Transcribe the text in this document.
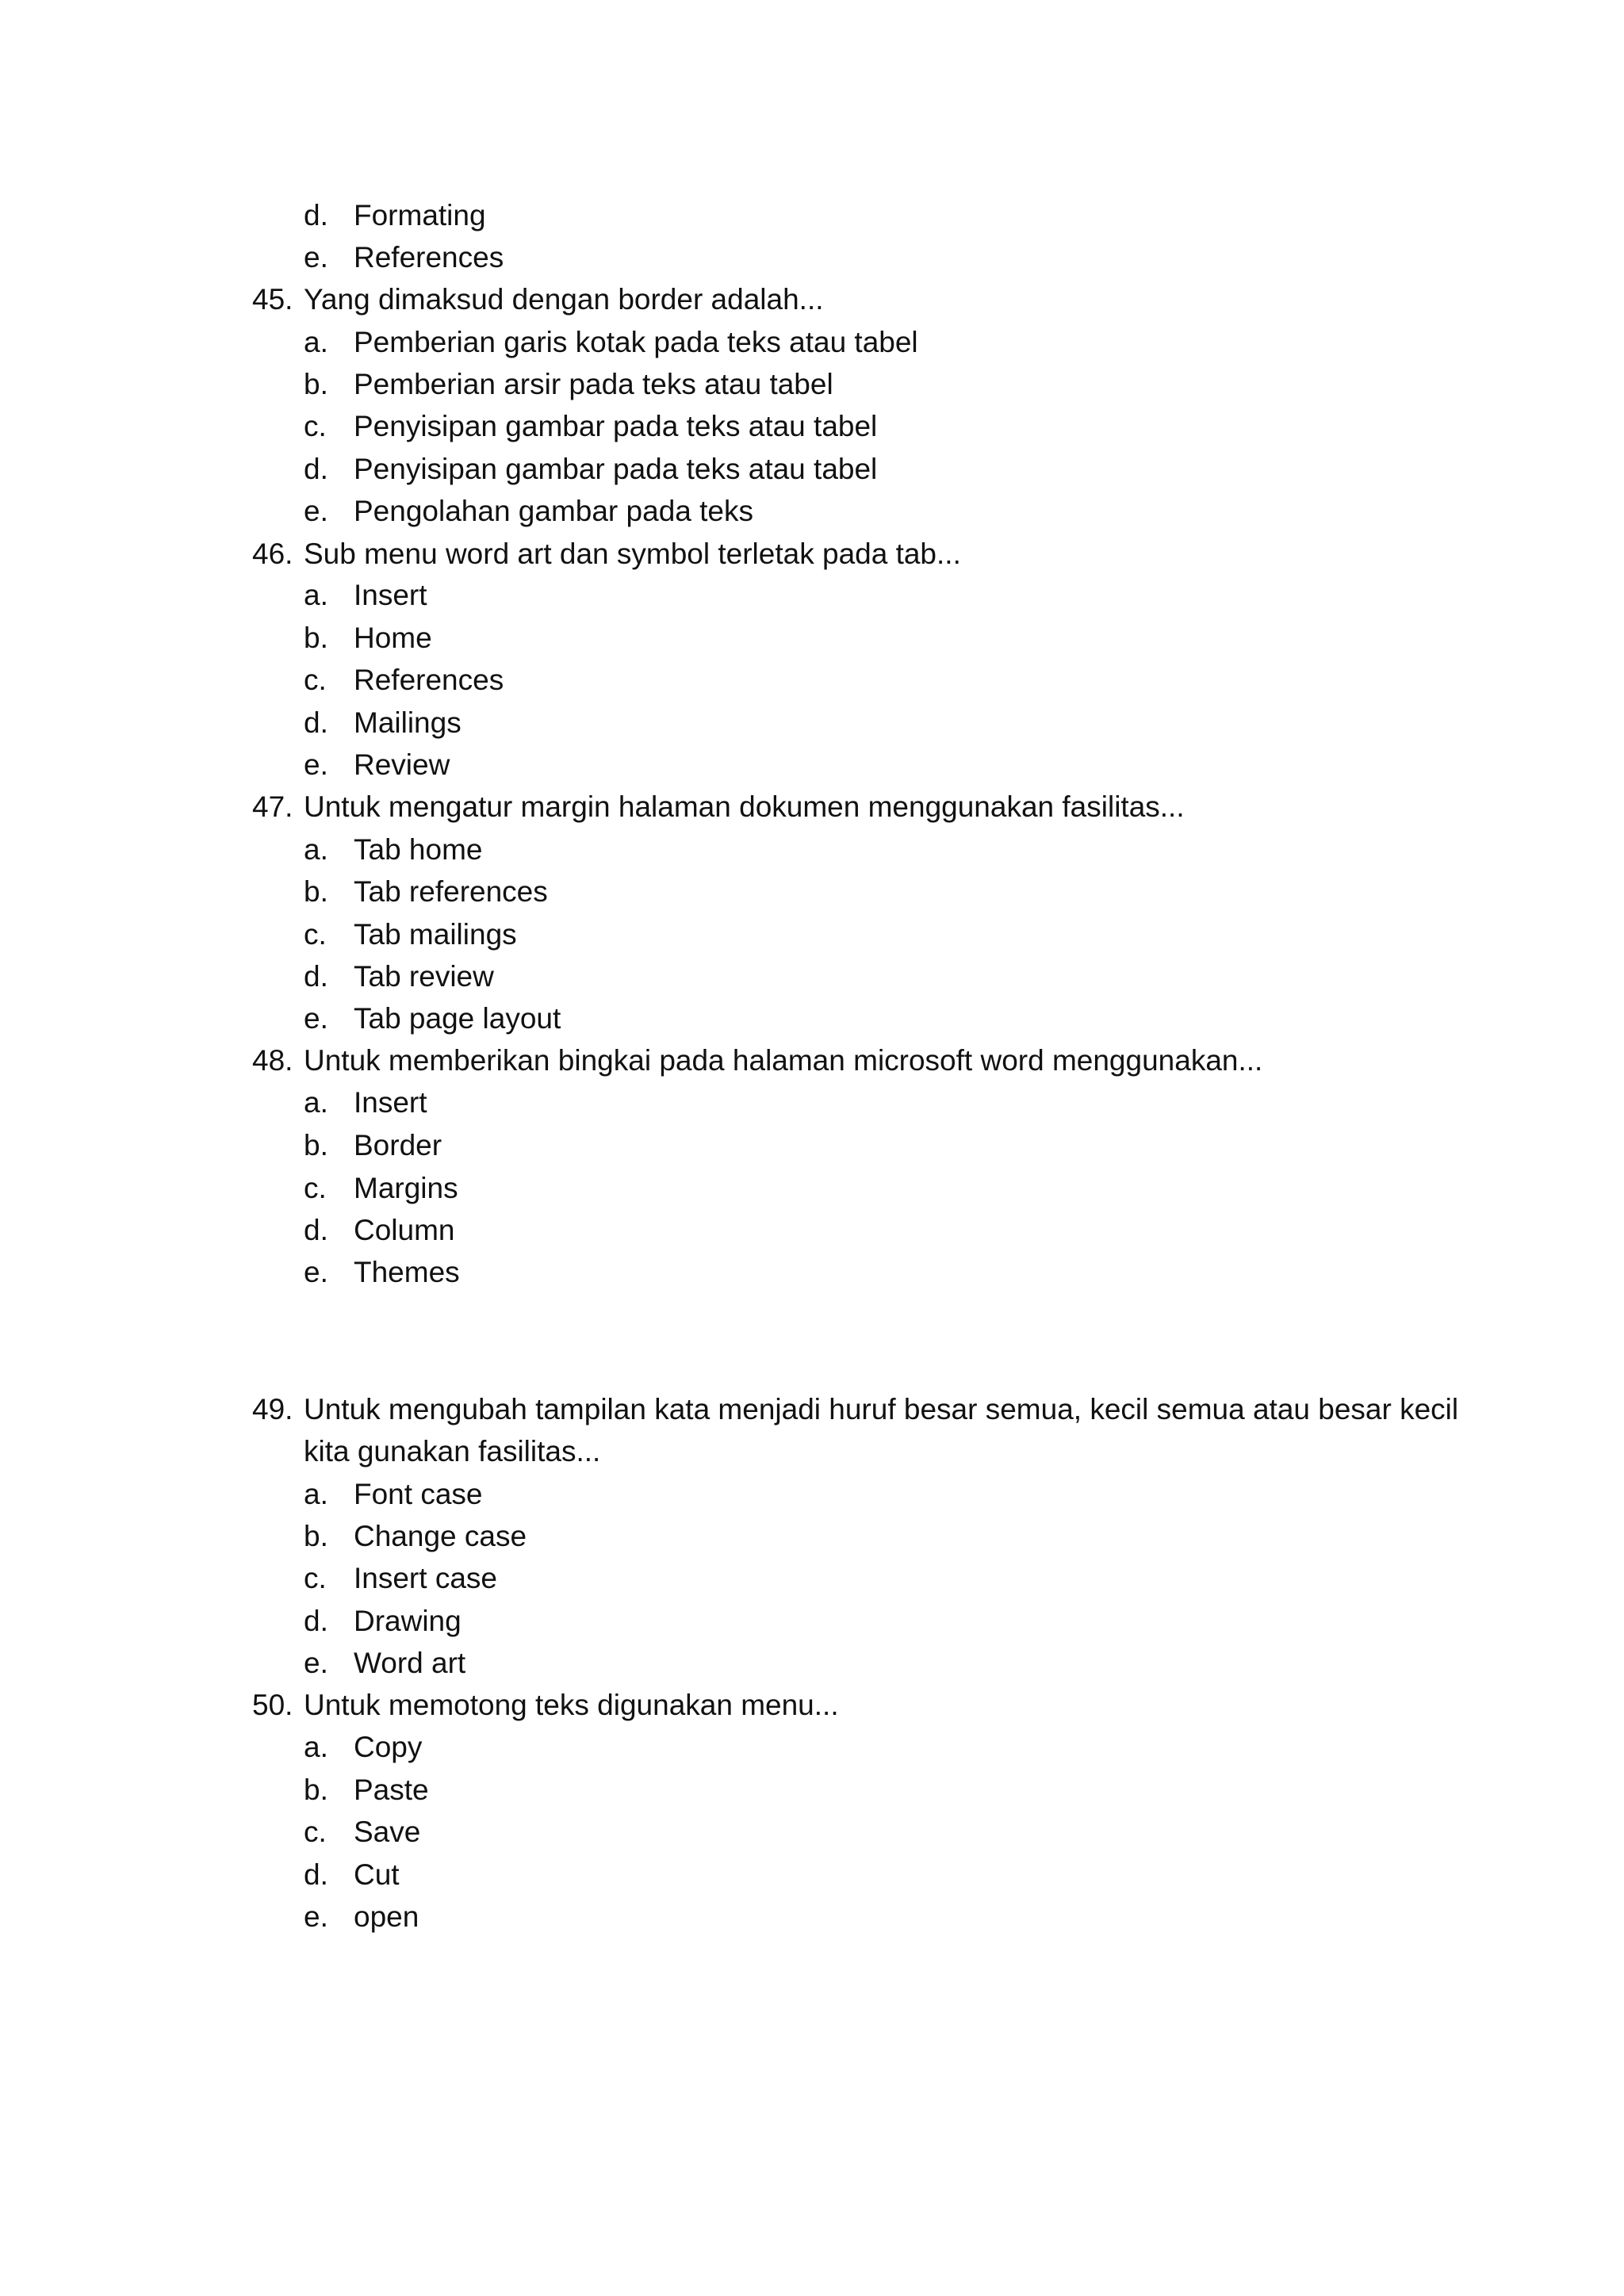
d. Formating
e. References
45. Yang dimaksud dengan border adalah...
a. Pemberian garis kotak pada teks atau tabel
b. Pemberian arsir pada teks atau tabel
c. Penyisipan gambar pada teks atau tabel
d. Penyisipan gambar pada teks atau tabel
e. Pengolahan gambar pada teks
46. Sub menu word art dan symbol terletak pada tab...
a. Insert
b. Home
c. References
d. Mailings
e. Review
47. Untuk mengatur margin halaman dokumen menggunakan fasilitas...
a. Tab home
b. Tab references
c. Tab mailings
d. Tab review
e. Tab page layout
48. Untuk memberikan bingkai pada halaman microsoft word menggunakan...
a. Insert
b. Border
c. Margins
d. Column
e. Themes
49. Untuk mengubah tampilan kata menjadi huruf besar semua, kecil semua atau besar kecil
kita gunakan fasilitas...
a. Font case
b. Change case
c. Insert case
d. Drawing
e. Word art
50. Untuk memotong teks digunakan menu...
a. Copy
b. Paste
c. Save
d. Cut
e. open
